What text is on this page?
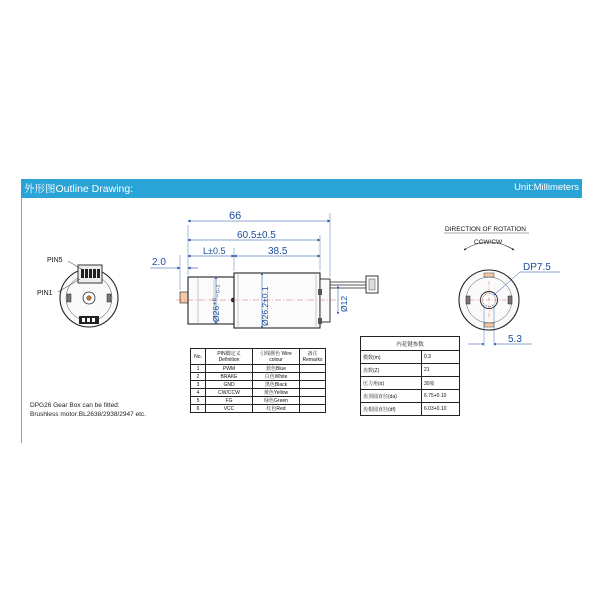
外形图Outline Drawing:	Unit:Millimeters
PIN5
PIN1
66
60.5±0.5
L±0.5	38.5
2.0
Ø26⁺⁰₋₀.₂	Ø26.2±0.1	Ø12
DIRECTION OF ROTATION
CCW/CW
DP7.5
5.3
No.	PIN脚定义 Definition	引线颜色 Wire colour	备注 Remarks
1	PWM	蓝色Blue	
2	BRAKE	白色White	
3	GND	黑色Black	
4	CW/CCW	黄色Yellow	
5	FG	绿色Green	
6	VCC	红色Red	
内花键参数	
模数(m)	0.3
齿数(Z)	21
压力角(α)	30度
齿顶圆直径(da)	6.75+0.10
齿根圆直径(df)	6.03+0.10
DPG26 Gear Box can be fitted:
Brushless motor:BL2638/2938/2947 etc.
